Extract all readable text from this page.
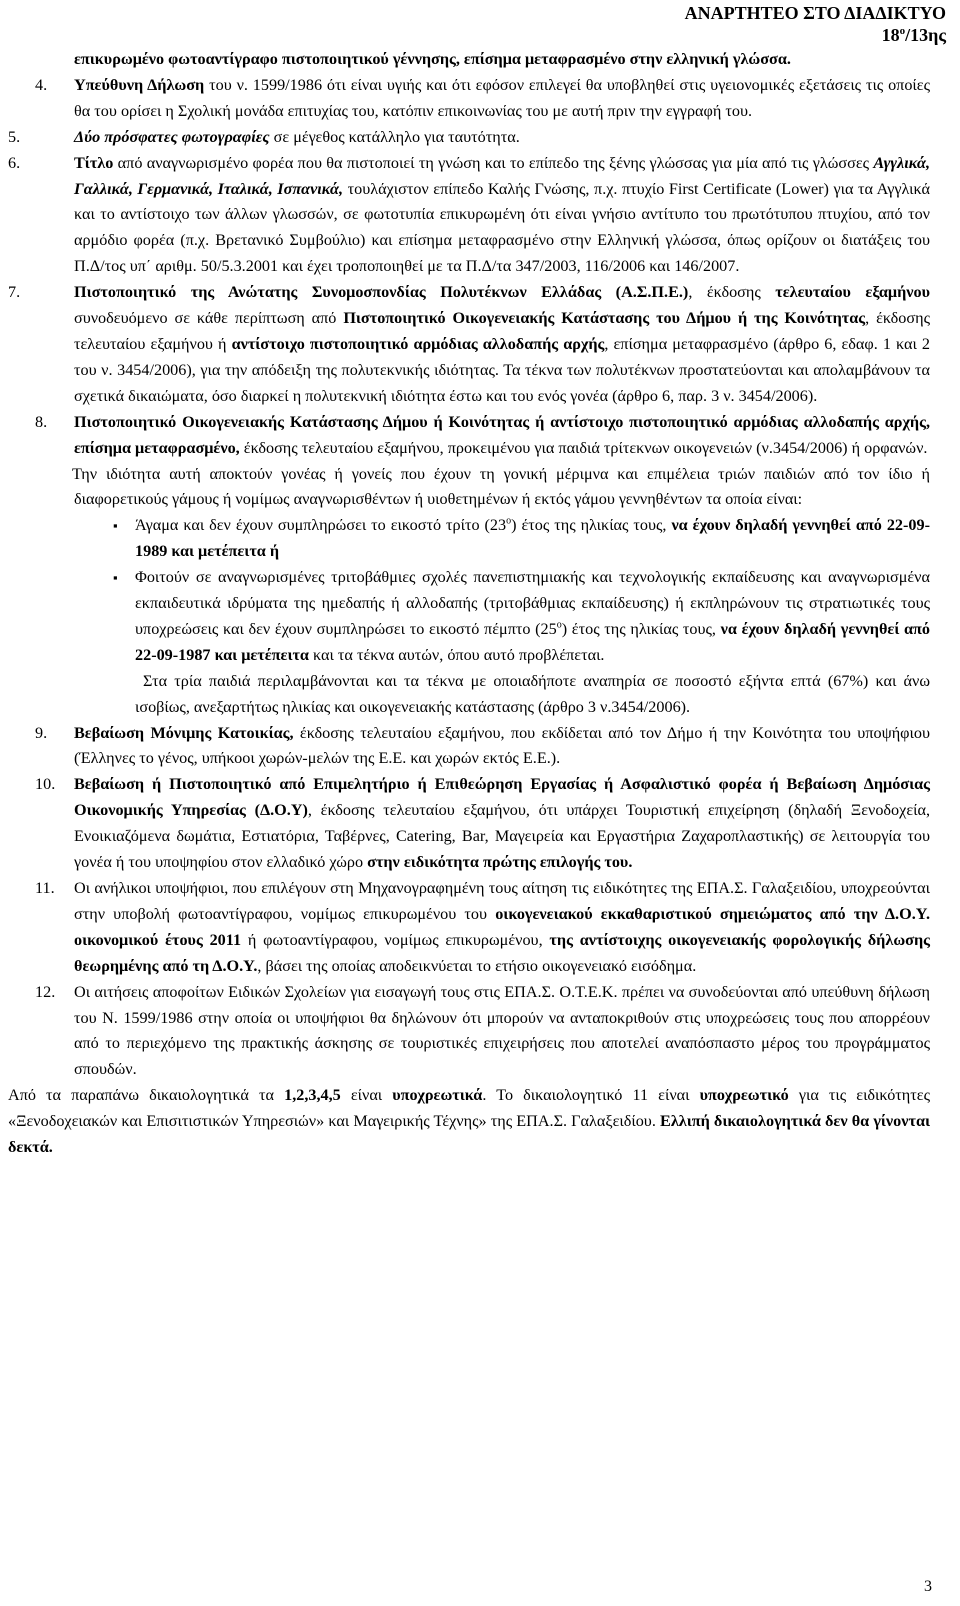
ΑΝΑΡΤΗΤΕΟ ΣΤΟ ΔΙΑΔΙΚΤΥΟ
$18^o/13\eta\varsigma$

επικυρωμένο φωτοαντίγραφο πιστοποιητικού γέννησης, επίσημα μεταφρασμένο στην ελληνική γλώσσα.

4.	Υπεύθυνη Δήλωση του ν. 1599/1986 ότι είναι υγιής και ότι εφόσον επιλεγεί θα υποβληθεί στις υγειονομικές εξετάσεις τις οποίες θα του ορίσει η Σχολική μονάδα επιτυχίας του, κατόπιν επικοινωνίας του με αυτή πριν την εγγραφή του.
5.	Δύο πρόσφατες φωτογραφίες σε μέγεθος κατάλληλο για ταυτότητα.
6.	Τίτλο από αναγνωρισμένο φορέα που θα πιστοποιεί τη γνώση και το επίπεδο της ξένης γλώσσας για μία από τις γλώσσες Αγγλικά, Γαλλικά, Γερμανικά, Ιταλικά, Ισπανικά, τουλάχιστον επίπεδο Καλής Γνώσης, π.χ. πτυχίο First Certificate (Lower) για τα Αγγλικά και το αντίστοιχο των άλλων γλωσσών, σε φωτοτυπία επικυρωμένη ότι είναι γνήσιο αντίτυπο του πρωτότυπου πτυχίου, από τον αρμόδιο φορέα (π.χ. Βρετανικό Συμβούλιο) και επίσημα μεταφρασμένο στην Ελληνική γλώσσα, όπως ορίζουν οι διατάξεις του Π.Δ/τος υπ΄ αριθμ. 50/5.3.2001 και έχει τροποποιηθεί με τα Π.Δ/τα 347/2003, 116/2006 και 146/2007.
7.	Πιστοποιητικό της Ανώτατης Συνομοσπονδίας Πολυτέκνων Ελλάδας (Α.Σ.Π.Ε.), έκδοσης τελευταίου εξαμήνου συνοδευόμενο σε κάθε περίπτωση από Πιστοποιητικό Οικογενειακής Κατάστασης του Δήμου ή της Κοινότητας, έκδοσης τελευταίου εξαμήνου ή αντίστοιχο πιστοποιητικό αρμόδιας αλλοδαπής αρχής, επίσημα μεταφρασμένο (άρθρο 6, εδαφ. 1 και 2 του ν. 3454/2006), για την απόδειξη της πολυτεκνικής ιδιότητας. Τα τέκνα των πολυτέκνων προστατεύονται και απολαμβάνουν τα σχετικά δικαιώματα, όσο διαρκεί η πολυτεκνική ιδιότητα έστω και του ενός γονέα (άρθρο 6, παρ. 3 ν. 3454/2006).
8.	Πιστοποιητικό Οικογενειακής Κατάστασης Δήμου ή Κοινότητας ή αντίστοιχο πιστοποιητικό αρμόδιας αλλοδαπής αρχής, επίσημα μεταφρασμένο, έκδοσης τελευταίου εξαμήνου, προκειμένου για παιδιά τρίτεκνων οικογενειών (ν.3454/2006) ή ορφανών.

Την ιδιότητα αυτή αποκτούν γονέας ή γονείς που έχουν τη γονική μέριμνα και επιμέλεια τριών παιδιών από τον ίδιο ή διαφορετικούς γάμους ή νομίμως αναγνωρισθέντων ή υιοθετημένων ή εκτός γάμου γεννηθέντων τα οποία είναι:

▪	Άγαμα και δεν έχουν συμπληρώσει το εικοστό τρίτο $(23^o)$ έτος της ηλικίας τους, να έχουν δηλαδή γεννηθεί από 22-09-1989 και μετέπειτα ή
▪	Φοιτούν σε αναγνωρισμένες τριτοβάθμιες σχολές πανεπιστημιακής και τεχνολογικής εκπαίδευσης και αναγνωρισμένα εκπαιδευτικά ιδρύματα της ημεδαπής ή αλλοδαπής (τριτοβάθμιας εκπαίδευσης) ή εκπληρώνουν τις στρατιωτικές τους υποχρεώσεις και δεν έχουν συμπληρώσει το εικοστό πέμπτο $(25^o)$ έτος της ηλικίας τους, να έχουν δηλαδή γεννηθεί από 22-09-1987 και μετέπειτα και τα τέκνα αυτών, όπου αυτό προβλέπεται.

Στα τρία παιδιά περιλαμβάνονται και τα τέκνα με οποιαδήποτε αναπηρία σε ποσοστό εξήντα επτά (67%) και άνω ισοβίως, ανεξαρτήτως ηλικίας και οικογενειακής κατάστασης (άρθρο 3 ν.3454/2006).

9.	Βεβαίωση Μόνιμης Κατοικίας, έκδοσης τελευταίου εξαμήνου, που εκδίδεται από τον Δήμο ή την Κοινότητα του υποψήφιου (Έλληνες το γένος, υπήκοοι χωρών-μελών της Ε.Ε. και χωρών εκτός Ε.Ε.).
10.	Βεβαίωση ή Πιστοποιητικό από Επιμελητήριο ή Επιθεώρηση Εργασίας ή Ασφαλιστικό φορέα ή Βεβαίωση Δημόσιας Οικονομικής Υπηρεσίας (Δ.Ο.Υ), έκδοσης τελευταίου εξαμήνου, ότι υπάρχει Τουριστική επιχείρηση (δηλαδή Ξενοδοχεία, Ενοικιαζόμενα δωμάτια, Εστιατόρια, Ταβέρνες, Catering, Bar, Μαγειρεία και Εργαστήρια Ζαχαροπλαστικής) σε λειτουργία του γονέα ή του υποψηφίου στον ελλαδικό χώρο στην ειδικότητα πρώτης επιλογής του.
11.	Οι ανήλικοι υποψήφιοι, που επιλέγουν στη Μηχανογραφημένη τους αίτηση τις ειδικότητες της ΕΠΑ.Σ. Γαλαξειδίου, υποχρεούνται στην υποβολή φωτοαντίγραφου, νομίμως επικυρωμένου του οικογενειακού εκκαθαριστικού σημειώματος από την Δ.Ο.Υ. οικονομικού έτους 2011 ή φωτοαντίγραφου, νομίμως επικυρωμένου, της αντίστοιχης οικογενειακής φορολογικής δήλωσης θεωρημένης από τη Δ.Ο.Υ., βάσει της οποίας αποδεικνύεται το ετήσιο οικογενειακό εισόδημα.
12.	Οι αιτήσεις αποφοίτων Ειδικών Σχολείων για εισαγωγή τους στις ΕΠΑ.Σ. Ο.Τ.Ε.Κ. πρέπει να συνοδεύονται από υπεύθυνη δήλωση του Ν. 1599/1986 στην οποία οι υποψήφιοι θα δηλώνουν ότι μπορούν να ανταποκριθούν στις υποχρεώσεις τους που απορρέουν από το περιεχόμενο της πρακτικής άσκησης σε τουριστικές επιχειρήσεις που αποτελεί αναπόσπαστο μέρος του προγράμματος σπουδών.

Από τα παραπάνω δικαιολογητικά τα 1,2,3,4,5 είναι υποχρεωτικά. Το δικαιολογητικό 11 είναι υποχρεωτικό για τις ειδικότητες «Ξενοδοχειακών και Επισιτιστικών Υπηρεσιών» και Μαγειρικής Τέχνης» της ΕΠΑ.Σ. Γαλαξειδίου. Ελλιπή δικαιολογητικά δεν θα γίνονται δεκτά.

3
